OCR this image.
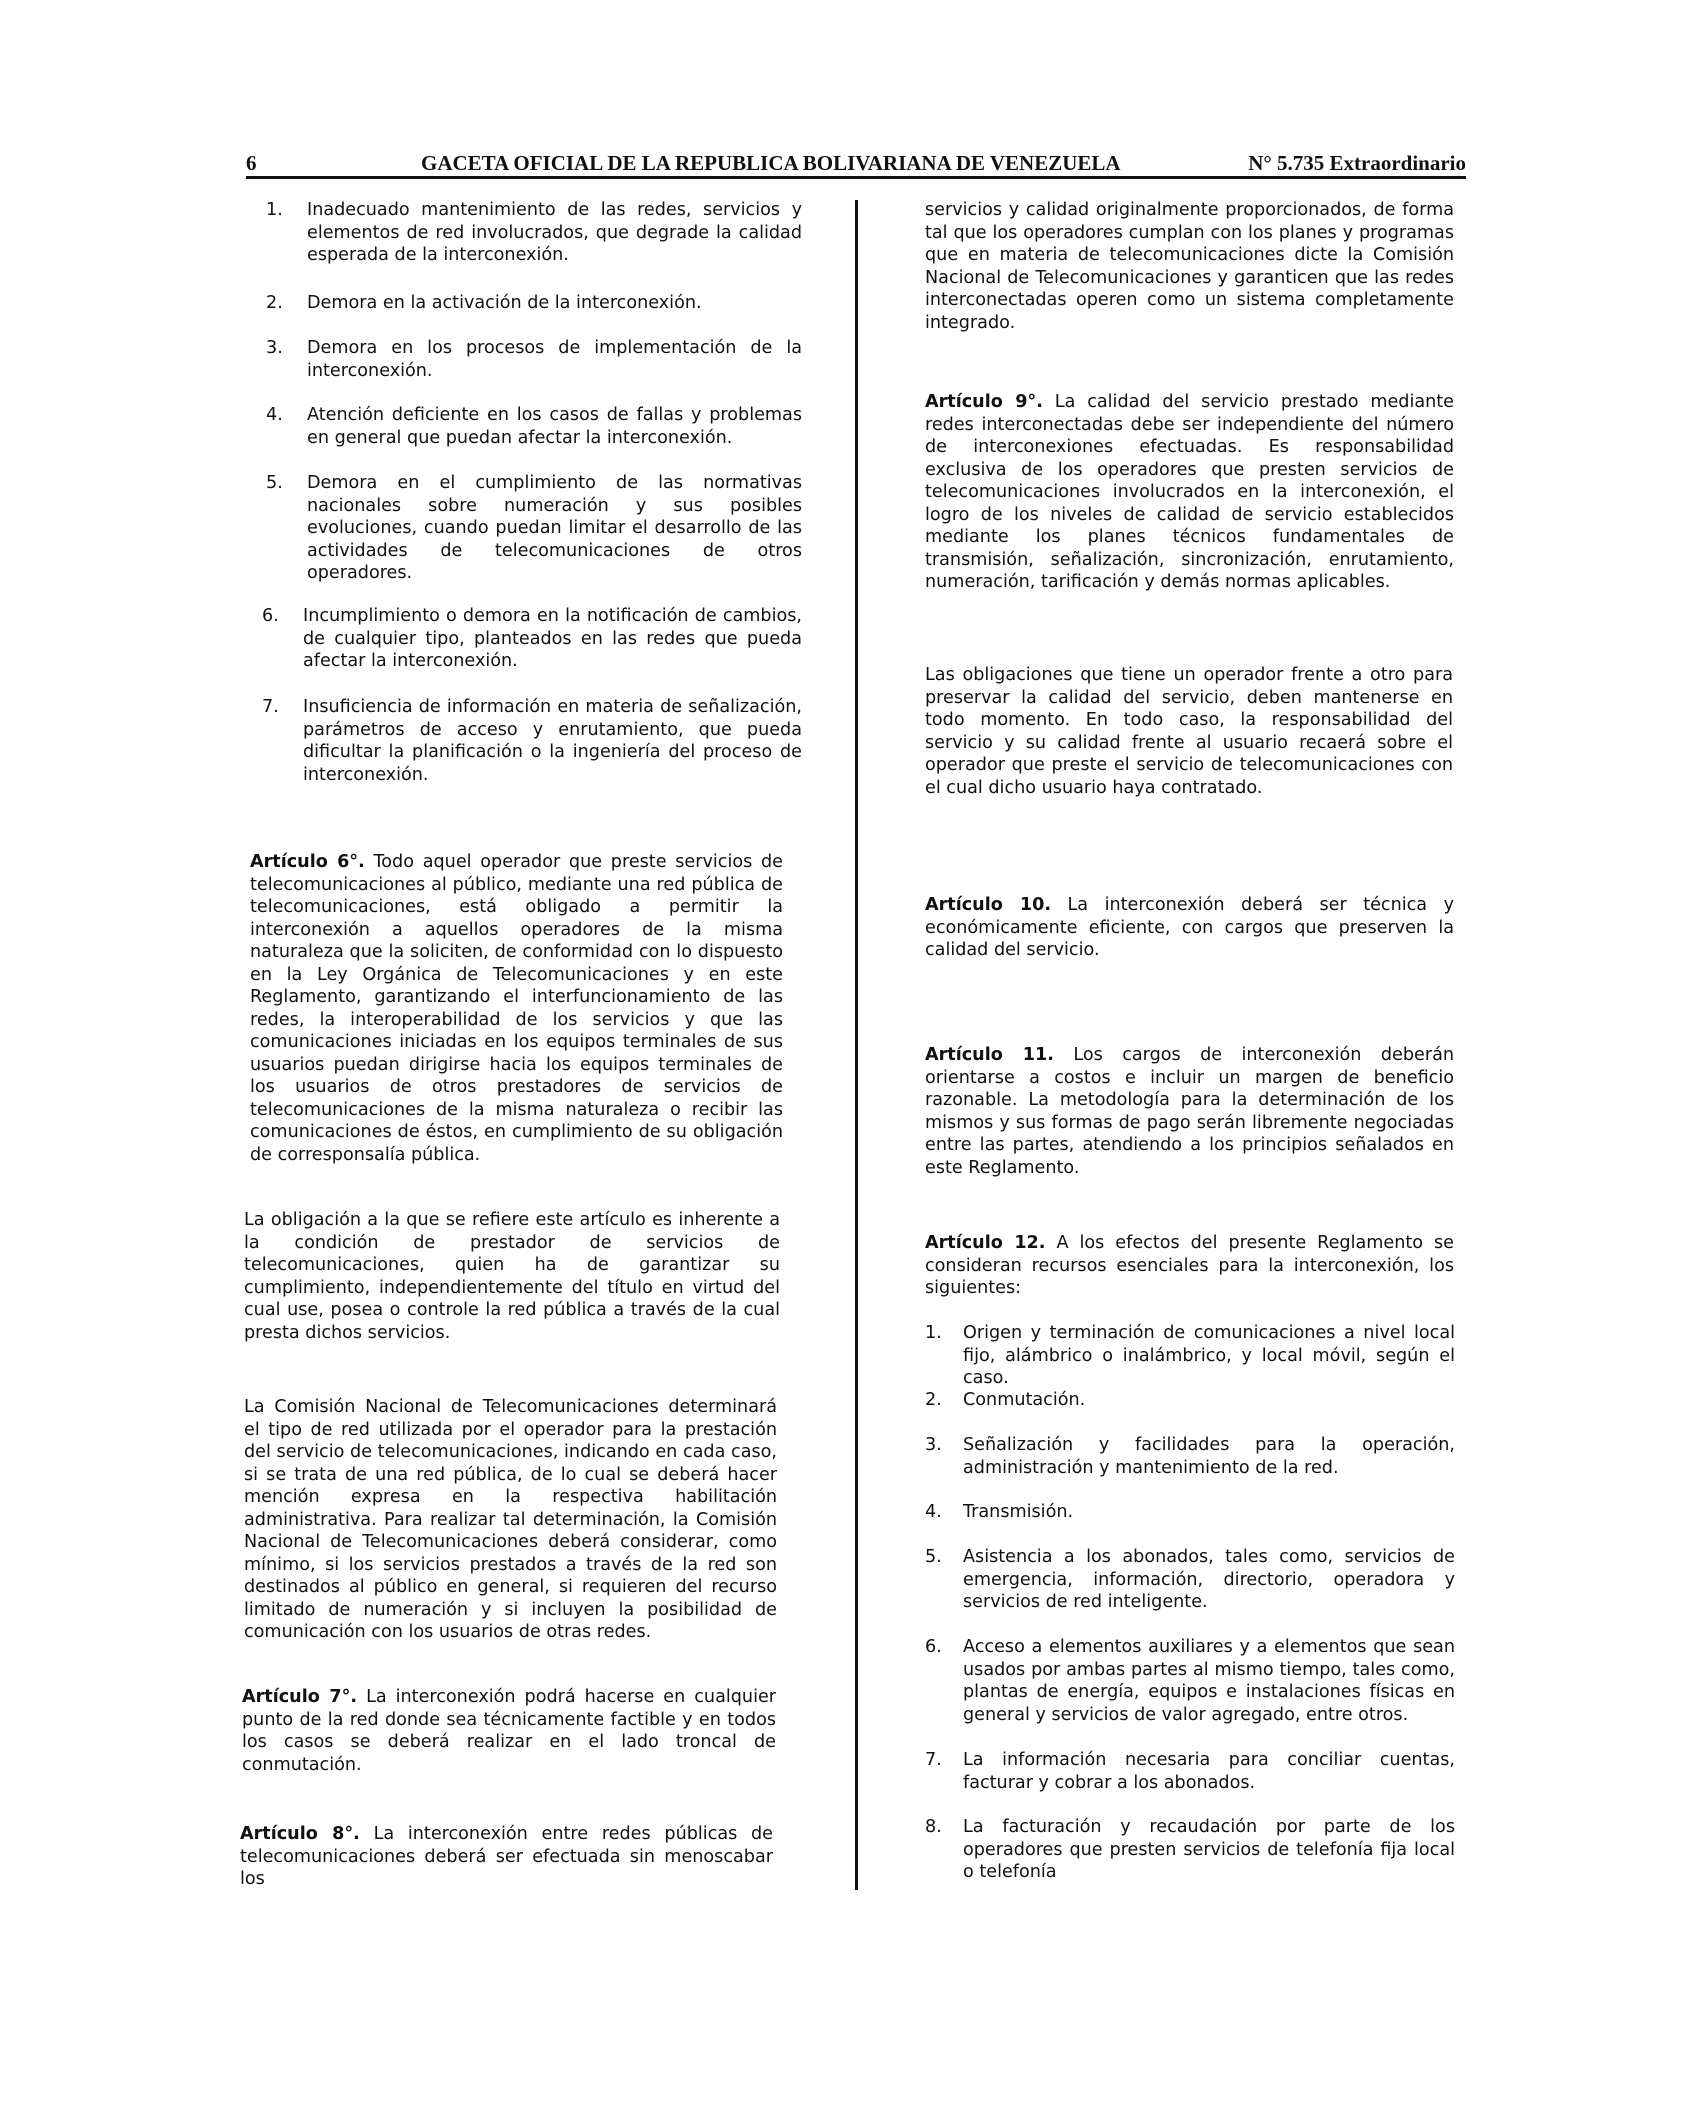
6	GACETA OFICIAL DE LA REPUBLICA BOLIVARIANA DE VENEZUELA	N° 5.735 Extraordinario
1. Inadecuado mantenimiento de las redes, servicios y elementos de red involucrados, que degrade la calidad esperada de la interconexión.
2. Demora en la activación de la interconexión.
3. Demora en los procesos de implementación de la interconexión.
4. Atención deficiente en los casos de fallas y problemas en general que puedan afectar la interconexión.
5. Demora en el cumplimiento de las normativas nacionales sobre numeración y sus posibles evoluciones, cuando puedan limitar el desarrollo de las actividades de telecomunicaciones de otros operadores.
6. Incumplimiento o demora en la notificación de cambios, de cualquier tipo, planteados en las redes que pueda afectar la interconexión.
7. Insuficiencia de información en materia de señalización, parámetros de acceso y enrutamiento, que pueda dificultar la planificación o la ingeniería del proceso de interconexión.

Artículo 6°. Todo aquel operador que preste servicios de telecomunicaciones al público, mediante una red pública de telecomunicaciones, está obligado a permitir la interconexión a aquellos operadores de la misma naturaleza que la soliciten, de conformidad con lo dispuesto en la Ley Orgánica de Telecomunicaciones y en este Reglamento, garantizando el interfuncionamiento de las redes, la interoperabilidad de los servicios y que las comunicaciones iniciadas en los equipos terminales de sus usuarios puedan dirigirse hacia los equipos terminales de los usuarios de otros prestadores de servicios de telecomunicaciones de la misma naturaleza o recibir las comunicaciones de éstos, en cumplimiento de su obligación de corresponsalía pública.

La obligación a la que se refiere este artículo es inherente a la condición de prestador de servicios de telecomunicaciones, quien ha de garantizar su cumplimiento, independientemente del título en virtud del cual use, posea o controle la red pública a través de la cual presta dichos servicios.

La Comisión Nacional de Telecomunicaciones determinará el tipo de red utilizada por el operador para la prestación del servicio de telecomunicaciones, indicando en cada caso, si se trata de una red pública, de lo cual se deberá hacer mención expresa en la respectiva habilitación administrativa. Para realizar tal determinación, la Comisión Nacional de Telecomunicaciones deberá considerar, como mínimo, si los servicios prestados a través de la red son destinados al público en general, si requieren del recurso limitado de numeración y si incluyen la posibilidad de comunicación con los usuarios de otras redes.

Artículo 7°. La interconexión podrá hacerse en cualquier punto de la red donde sea técnicamente factible y en todos los casos se deberá realizar en el lado troncal de conmutación.

Artículo 8°. La interconexión entre redes públicas de telecomunicaciones deberá ser efectuada sin menoscabar los

servicios y calidad originalmente proporcionados, de forma tal que los operadores cumplan con los planes y programas que en materia de telecomunicaciones dicte la Comisión Nacional de Telecomunicaciones y garanticen que las redes interconectadas operen como un sistema completamente integrado.

Artículo 9°. La calidad del servicio prestado mediante redes interconectadas debe ser independiente del número de interconexiones efectuadas. Es responsabilidad exclusiva de los operadores que presten servicios de telecomunicaciones involucrados en la interconexión, el logro de los niveles de calidad de servicio establecidos mediante los planes técnicos fundamentales de transmisión, señalización, sincronización, enrutamiento, numeración, tarificación y demás normas aplicables.

Las obligaciones que tiene un operador frente a otro para preservar la calidad del servicio, deben mantenerse en todo momento. En todo caso, la responsabilidad del servicio y su calidad frente al usuario recaerá sobre el operador que preste el servicio de telecomunicaciones con el cual dicho usuario haya contratado.

Artículo 10. La interconexión deberá ser técnica y económicamente eficiente, con cargos que preserven la calidad del servicio.

Artículo 11. Los cargos de interconexión deberán orientarse a costos e incluir un margen de beneficio razonable. La metodología para la determinación de los mismos y sus formas de pago serán libremente negociadas entre las partes, atendiendo a los principios señalados en este Reglamento.

Artículo 12. A los efectos del presente Reglamento se consideran recursos esenciales para la interconexión, los siguientes:

1. Origen y terminación de comunicaciones a nivel local fijo, alámbrico o inalámbrico, y local móvil, según el caso.
2. Conmutación.
3. Señalización y facilidades para la operación, administración y mantenimiento de la red.
4. Transmisión.
5. Asistencia a los abonados, tales como, servicios de emergencia, información, directorio, operadora y servicios de red inteligente.
6. Acceso a elementos auxiliares y a elementos que sean usados por ambas partes al mismo tiempo, tales como, plantas de energía, equipos e instalaciones físicas en general y servicios de valor agregado, entre otros.
7. La información necesaria para conciliar cuentas, facturar y cobrar a los abonados.
8. La facturación y recaudación por parte de los operadores que presten servicios de telefonía fija local o telefonía
